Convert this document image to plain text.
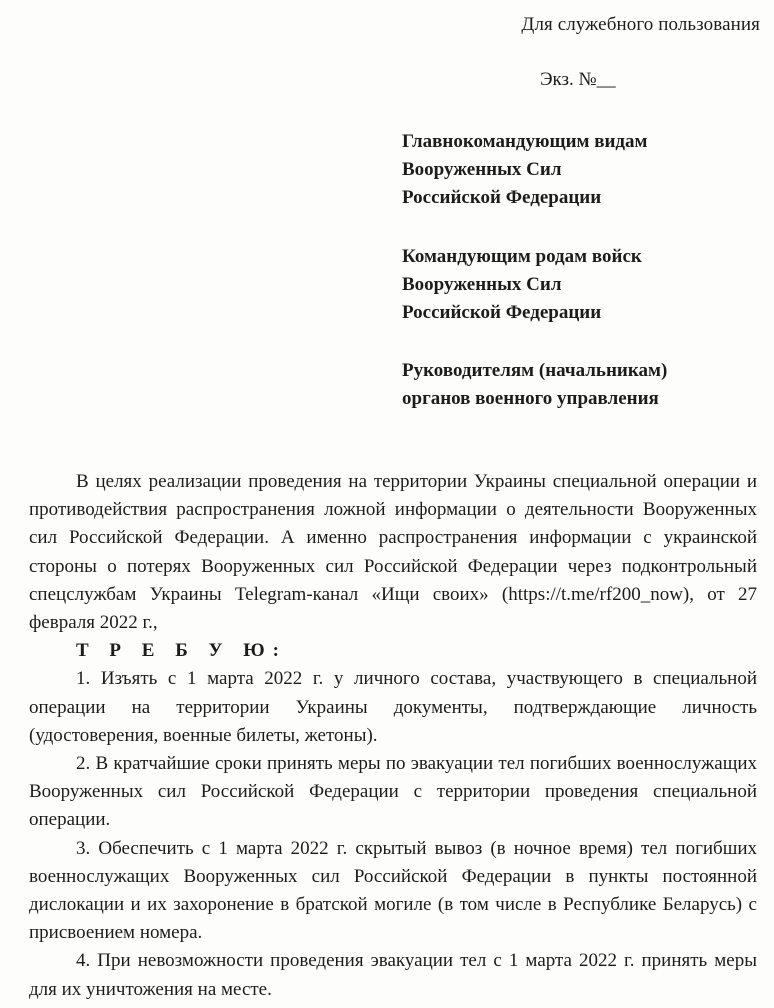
Для служебного пользования
Экз. №__
Главнокомандующим видам
Вооруженных Сил
Российской Федерации
Командующим родам войск
Вооруженных Сил
Российской Федерации
Руководителям (начальникам)
органов военного управления

В целях реализации проведения на территории Украины специальной операции и противодействия распространения ложной информации о деятельности Вооруженных сил Российской Федерации. А именно распространения информации с украинской стороны о потерях Вооруженных сил Российской Федерации через подконтрольный спецслужбам Украины Telegram-канал «Ищи своих» (https://t.me/rf200_now), от 27 февраля 2022 г.,

Т Р Е Б У Ю:

1. Изъять с 1 марта 2022 г. у личного состава, участвующего в специальной операции на территории Украины документы, подтверждающие личность (удостоверения, военные билеты, жетоны).

2. В кратчайшие сроки принять меры по эвакуации тел погибших военнослужащих Вооруженных сил Российской Федерации с территории проведения специальной операции.

3. Обеспечить с 1 марта 2022 г. скрытый вывоз (в ночное время) тел погибших военнослужащих Вооруженных сил Российской Федерации в пункты постоянной дислокации и их захоронение в братской могиле (в том числе в Республике Беларусь) с присвоением номера.

4. При невозможности проведения эвакуации тел с 1 марта 2022 г. принять меры для их уничтожения на месте.
